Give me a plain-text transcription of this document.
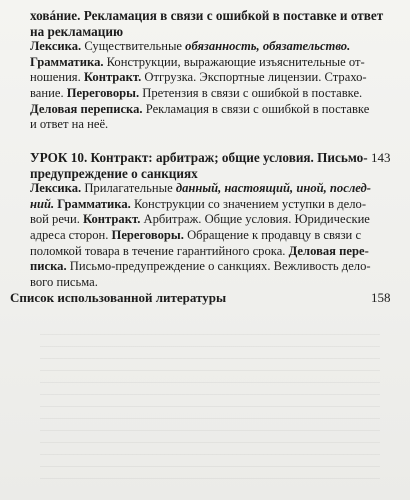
ховáние. Рекламация в связи с ошибкой в поставке и ответ
на рекламацию
Лексика. Существительные обязанность, обязательство.
Грамматика. Конструкции, выражающие изъяснительные от-
ношения. Контракт. Отгрузка. Экспортные лицензии. Страхо-
вание. Переговоры. Претензия в связи с ошибкой в поставке.
Деловая переписка. Рекламация в связи с ошибкой в поставке
и ответ на неё.
УРОК 10. Контракт: арбитраж; общие условия. Письмо-
предупреждение о санкциях
Лексика. Прилагательные данный, настоящий, иной, послед-
ний. Грамматика. Конструкции со значением уступки в дело-
вой речи. Контракт. Арбитраж. Общие условия. Юридические
адреса сторон. Переговоры. Обращение к продавцу в связи с
поломкой товара в течение гарантийного срока. Деловая пере-
писка. Письмо-предупреждение о санкциях. Вежливость дело-
вого письма.
143
Список использованной литературы	158
